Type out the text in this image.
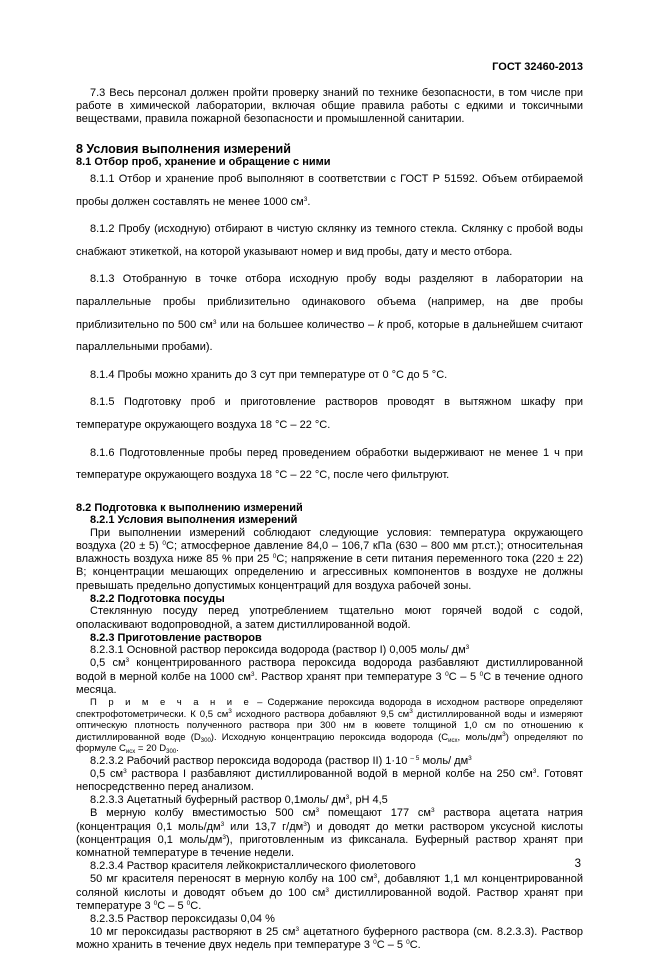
ГОСТ 32460-2013

7.3 Весь персонал должен пройти проверку знаний по технике безопасности, в том числе при работе в химической лаборатории, включая общие правила работы с едкими и токсичными веществами, правила пожарной безопасности и промышленной санитарии.

8 Условия выполнения измерений

8.1 Отбор проб, хранение и обращение с ними

8.1.1 Отбор и хранение проб выполняют в соответствии с ГОСТ Р 51592. Объем отбираемой пробы должен составлять не менее 1000 $см^3$.

8.1.2 Пробу (исходную) отбирают в чистую склянку из темного стекла. Склянку с пробой воды снабжают этикеткой, на которой указывают номер и вид пробы, дату и место отбора.

8.1.3 Отобранную в точке отбора исходную пробу воды разделяют в лаборатории на параллельные пробы приблизительно одинакового объема (например, на две пробы приблизительно по 500 $см^3$ или на большее количество – k проб, которые в дальнейшем считают параллельными пробами).

8.1.4 Пробы можно хранить до 3 сут при температуре от 0 °С до 5 °С.

8.1.5 Подготовку проб и приготовление растворов проводят в вытяжном шкафу при температуре окружающего воздуха 18 °С – 22 °С.

8.1.6 Подготовленные пробы перед проведением обработки выдерживают не менее 1 ч при температуре окружающего воздуха 18 °С – 22 °С, после чего фильтруют.

8.2 Подготовка к выполнению измерений

8.2.1 Условия выполнения измерений

При выполнении измерений соблюдают следующие условия: температура окружающего воздуха (20 ± 5) $^0$С; атмосферное давление 84,0 – 106,7 кПа (630 – 800 мм рт.ст.); относительная влажность воздуха ниже 85 % при 25 $^0$С; напряжение в сети питания переменного тока (220 ± 22) В; концентрации мешающих определению и агрессивных компонентов в воздухе не должны превышать предельно допустимых концентраций для воздуха рабочей зоны.

8.2.2 Подготовка посуды

Стеклянную посуду перед употреблением тщательно моют горячей водой с содой, ополаскивают водопроводной, а затем дистиллированной водой.

8.2.3 Приготовление растворов

8.2.3.1 Основной раствор пероксида водорода (раствор I) 0,005 моль/ $дм^3$

0,5 $см^3$ концентрированного раствора пероксида водорода разбавляют дистиллированной водой в мерной колбе на 1000 $см^3$. Раствор хранят при температуре 3 $^0$С – 5 $^0$С в течение одного месяца.

П р и м е ч а н и е – Содержание пероксида водорода в исходном растворе определяют спектрофотометрически. К 0,5 $см^3$ исходного раствора добавляют 9,5 $см^3$ дистиллированной воды и измеряют оптическую плотность полученного раствора при 300 нм в кювете толщиной 1,0 см по отношению к дистиллированной воде $(D_{300})$. Исходную концентрацию пероксида водорода ($С_{исх}$, моль/$дм^3$) определяют по формуле $С_{исх} = 20$ $D_{300}$.

8.2.3.2 Рабочий раствор пероксида водорода (раствор II) 1·10 $^{- 5}$ моль/ $дм^3$

0,5 $см^3$ раствора I разбавляют дистиллированной водой в мерной колбе на 250 $см^3$. Готовят непосредственно перед анализом.

8.2.3.3 Ацетатный буферный раствор 0,1моль/ $дм^3$, рН 4,5

В мерную колбу вместимостью 500 $см^3$ помещают 177 $см^3$ раствора ацетата натрия (концентрация 0,1 моль/$дм^3$ или 13,7 $г/дм^3$) и доводят до метки раствором уксусной кислоты (концентрация 0,1 моль/$дм^3$), приготовленным из фиксанала. Буферный раствор хранят при комнатной температуре в течение недели.

8.2.3.4 Раствор красителя лейкокристаллического фиолетового

50 мг красителя переносят в мерную колбу на 100 $см^3$, добавляют 1,1 мл концентрированной соляной кислоты и доводят объем до 100 $см^3$ дистиллированной водой. Раствор хранят при температуре 3 $^0$С – 5 $^0$С.

8.2.3.5 Раствор пероксидазы 0,04 %

10 мг пероксидазы растворяют в 25 $см^3$ ацетатного буферного раствора (см. 8.2.3.3). Раствор можно хранить в течение двух недель при температуре 3 $^0$С – 5 $^0$С.

3
